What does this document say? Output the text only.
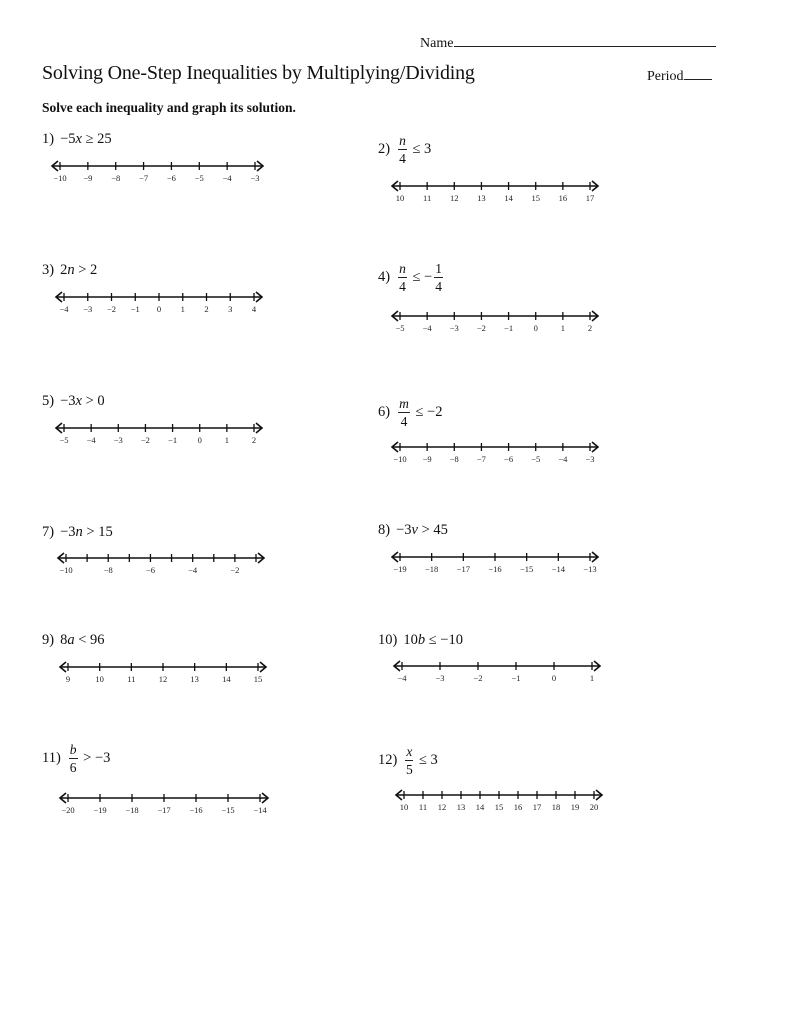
Name
Solving One-Step Inequalities by Multiplying/Dividing	Period
Solve each inequality and graph its solution.
1) −5x ≥ 25
−10 −9 −8 −7 −6 −5 −4 −3
$2) \frac{n}{4} \le 3$
10 11 12 13 14 15 16 17
3) 2n > 2
−4 −3 −2 −1 0 1 2 3 4
$4) \frac{n}{4}$ ≤ − $\frac{1}{4}$
−5 −4 −3 −2 −1 0	1	2
5) −3x > 0
−5 −4 −3 −2 −1 0	1	2
$6) \frac{m}{4} \le -2$
−10 −9 −8 −7 −6 −5 −4 −3
7) −3n > 15
−10	−8	−6	−4	−2
8) −3v > 45
−19 −18 −17 −16 −15 −14 −13
9) 8a < 96
9	10	11	12	13	14	15
10) 10b ≤ −10
−4	−3	−2	−1	0	1
$11) \frac{b}{6} > -3$
−20 −19 −18 −17 −16 −15 −14
$12) \frac{x}{5} \le 3$
10 11 12 13 14 15 16 17 18 19 20
